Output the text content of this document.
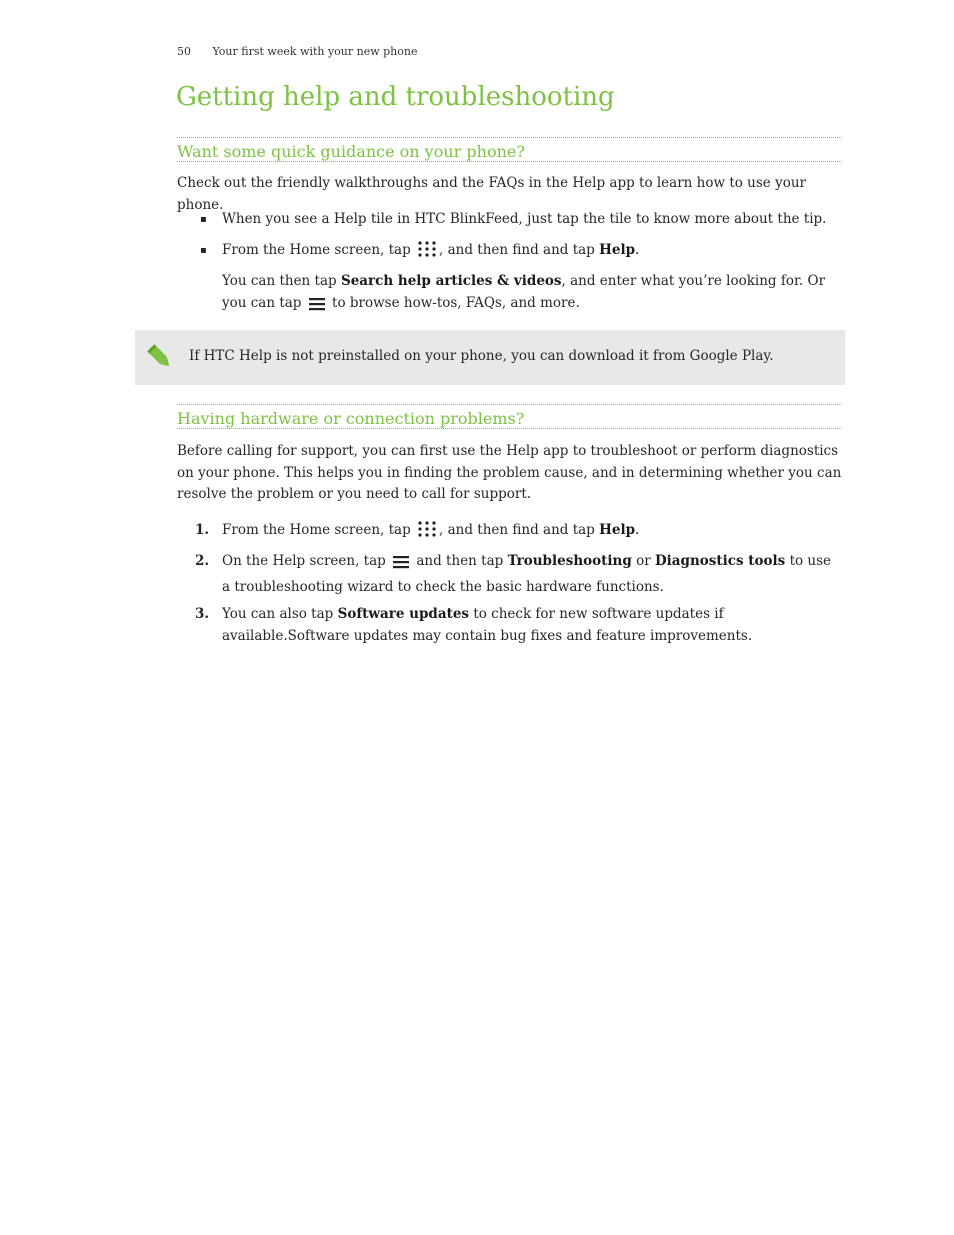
50 Your first week with your new phone
Getting help and troubleshooting
Want some quick guidance on your phone?

Check out the friendly walkthroughs and the FAQs in the Help app to learn how to use your phone.

▪ When you see a Help tile in HTC BlinkFeed, just tap the tile to know more about the tip.

▪ From the Home screen, tap , and then find and tap Help.

You can then tap Search help articles & videos, and enter what you’re looking for. Or you can tap to browse how-tos, FAQs, and more.

If HTC Help is not preinstalled on your phone, you can download it from Google Play.
Having hardware or connection problems?

Before calling for support, you can first use the Help app to troubleshoot or perform diagnostics on your phone. This helps you in finding the problem cause, and in determining whether you can resolve the problem or you need to call for support.

1. From the Home screen, tap , and then find and tap Help.

2. On the Help screen, tap and then tap Troubleshooting or Diagnostics tools to use a troubleshooting wizard to check the basic hardware functions.

3. You can also tap Software updates to check for new software updates if available.Software updates may contain bug fixes and feature improvements.
